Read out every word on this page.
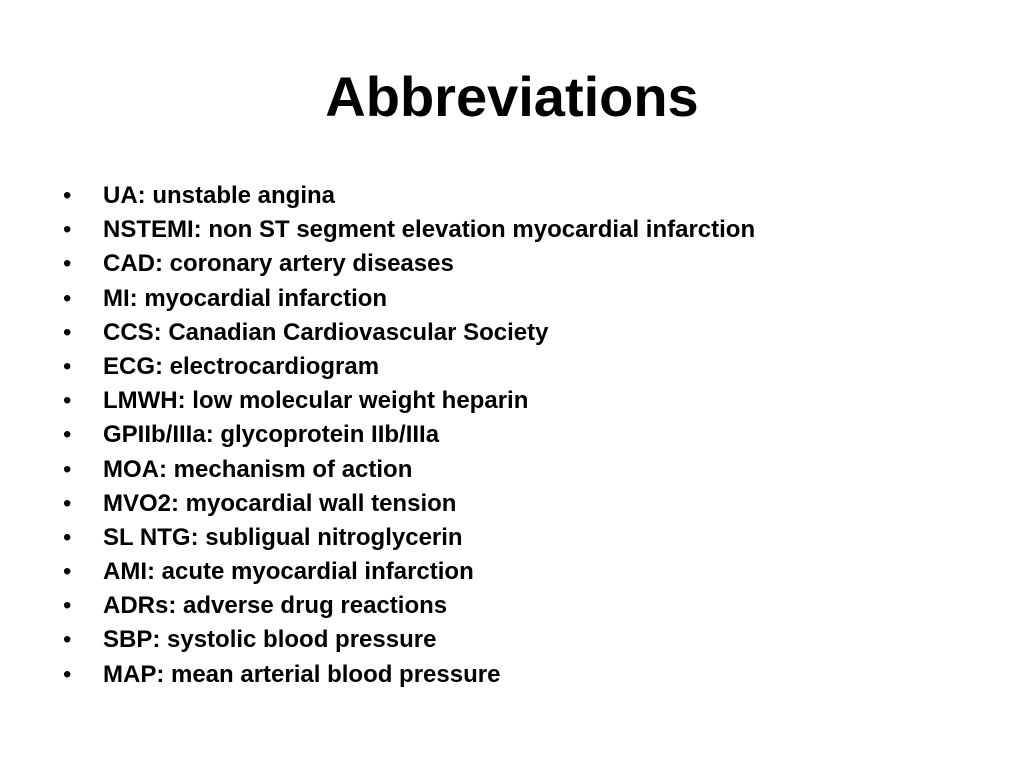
Abbreviations
•	UA: unstable angina
•	NSTEMI: non ST segment elevation myocardial infarction
•	CAD: coronary artery diseases
•	MI: myocardial infarction
•	CCS: Canadian Cardiovascular Society
•	ECG: electrocardiogram
•	LMWH: low molecular weight heparin
•	GPIIb/IIIa: glycoprotein IIb/IIIa
•	MOA: mechanism of action
•	MVO2: myocardial wall tension
•	SL NTG: subligual nitroglycerin
•	AMI: acute myocardial infarction
•	ADRs: adverse drug reactions
•	SBP: systolic blood pressure
•	MAP: mean arterial blood pressure
